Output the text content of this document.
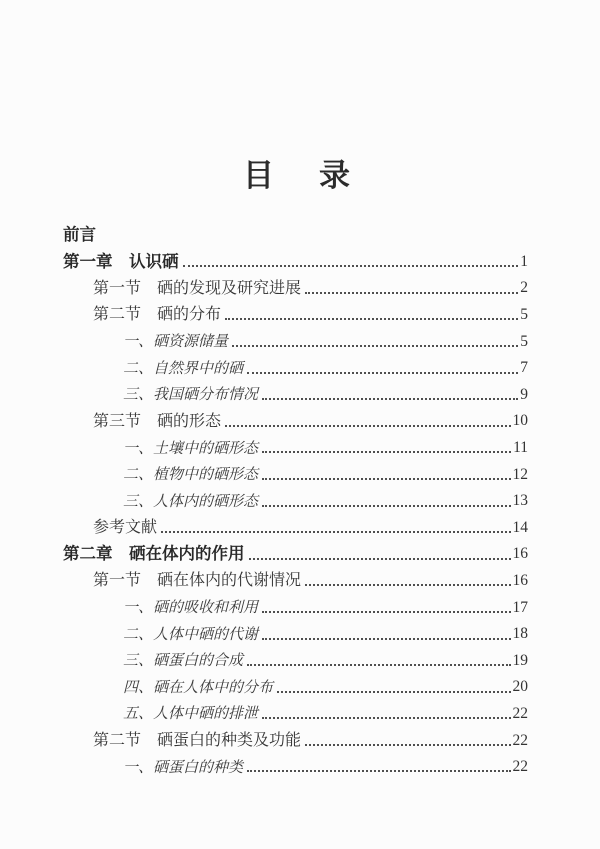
目　录
前言
第一章　认识硒	1
第一节　硒的发现及研究进展	2
第二节　硒的分布	5
一、硒资源储量	5
二、自然界中的硒	7
三、我国硒分布情况	9
第三节　硒的形态	10
一、土壤中的硒形态	11
二、植物中的硒形态	12
三、人体内的硒形态	13
参考文献	14
第二章　硒在体内的作用	16
第一节　硒在体内的代谢情况	16
一、硒的吸收和利用	17
二、人体中硒的代谢	18
三、硒蛋白的合成	19
四、硒在人体中的分布	20
五、人体中硒的排泄	22
第二节　硒蛋白的种类及功能	22
一、硒蛋白的种类	22
